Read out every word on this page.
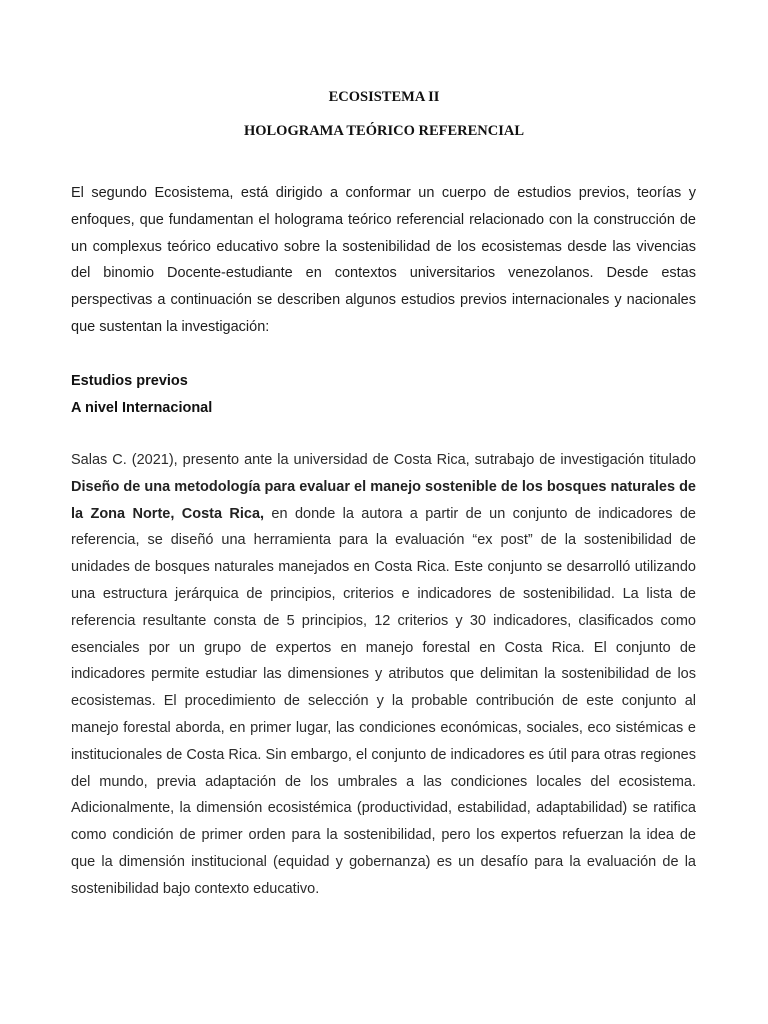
ECOSISTEMA II
HOLOGRAMA TEÓRICO REFERENCIAL

El segundo Ecosistema, está dirigido a conformar un cuerpo de estudios previos, teorías y enfoques, que fundamentan el holograma teórico referencial relacionado con la construcción de un complexus teórico educativo sobre la sostenibilidad de los ecosistemas desde las vivencias del binomio Docente-estudiante en contextos universitarios venezolanos. Desde estas perspectivas a continuación se describen algunos estudios previos internacionales y nacionales que sustentan la investigación:

Estudios previos
A nivel Internacional

Salas C. (2021), presento ante la universidad de Costa Rica, sutrabajo de investigación titulado Diseño de una metodología para evaluar el manejo sostenible de los bosques naturales de la Zona Norte, Costa Rica, en donde la autora a partir de un conjunto de indicadores de referencia, se diseñó una herramienta para la evaluación “ex post” de la sostenibilidad de unidades de bosques naturales manejados en Costa Rica. Este conjunto se desarrolló utilizando una estructura jerárquica de principios, criterios e indicadores de sostenibilidad. La lista de referencia resultante consta de 5 principios, 12 criterios y 30 indicadores, clasificados como esenciales por un grupo de expertos en manejo forestal en Costa Rica. El conjunto de indicadores permite estudiar las dimensiones y atributos que delimitan la sostenibilidad de los ecosistemas. El procedimiento de selección y la probable contribución de este conjunto al manejo forestal aborda, en primer lugar, las condiciones económicas, sociales, eco sistémicas e institucionales de Costa Rica. Sin embargo, el conjunto de indicadores es útil para otras regiones del mundo, previa adaptación de los umbrales a las condiciones locales del ecosistema. Adicionalmente, la dimensión ecosistémica (productividad, estabilidad, adaptabilidad) se ratifica como condición de primer orden para la sostenibilidad, pero los expertos refuerzan la idea de que la dimensión institucional (equidad y gobernanza) es un desafío para la evaluación de la sostenibilidad bajo contexto educativo.
